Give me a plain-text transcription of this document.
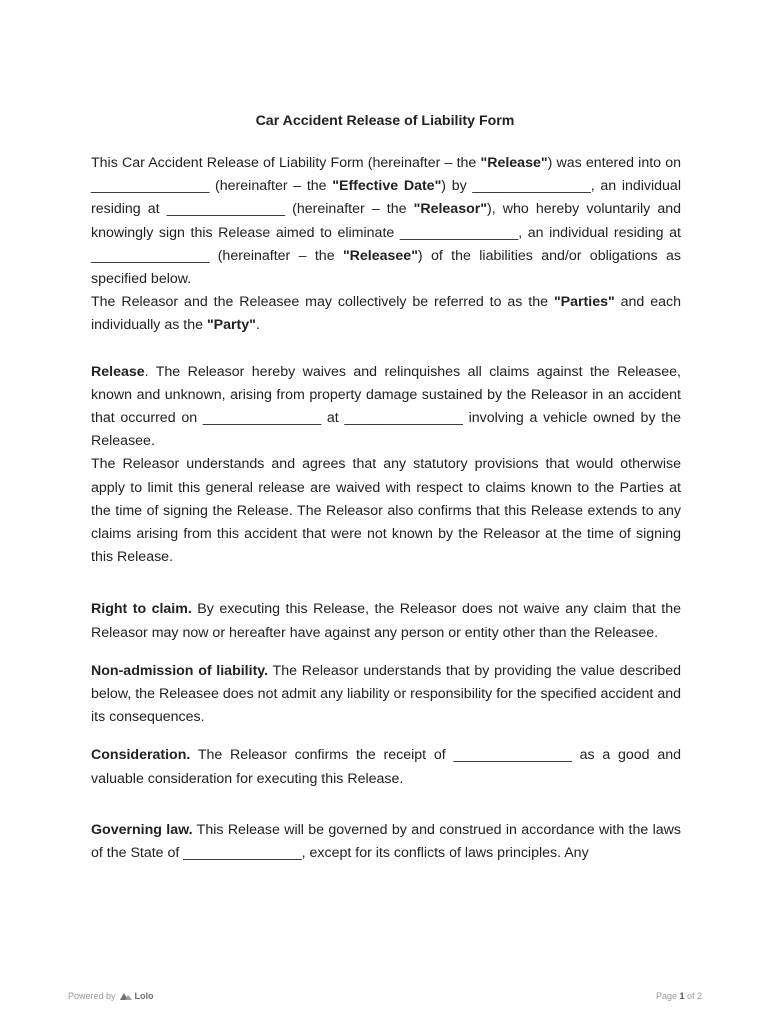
Car Accident Release of Liability Form

This Car Accident Release of Liability Form (hereinafter – the "Release") was entered into on _______________ (hereinafter – the "Effective Date") by _______________, an individual residing at _______________ (hereinafter – the "Releasor"), who hereby voluntarily and knowingly sign this Release aimed to eliminate _______________, an individual residing at _______________ (hereinafter – the "Releasee") of the liabilities and/or obligations as specified below.

The Releasor and the Releasee may collectively be referred to as the "Parties" and each individually as the "Party".

Release. The Releasor hereby waives and relinquishes all claims against the Releasee, known and unknown, arising from property damage sustained by the Releasor in an accident that occurred on _______________ at _______________ involving a vehicle owned by the Releasee.

The Releasor understands and agrees that any statutory provisions that would otherwise apply to limit this general release are waived with respect to claims known to the Parties at the time of signing the Release. The Releasor also confirms that this Release extends to any claims arising from this accident that were not known by the Releasor at the time of signing this Release.

Right to claim. By executing this Release, the Releasor does not waive any claim that the Releasor may now or hereafter have against any person or entity other than the Releasee.

Non-admission of liability. The Releasor understands that by providing the value described below, the Releasee does not admit any liability or responsibility for the specified accident and its consequences.

Consideration. The Releasor confirms the receipt of _______________ as a good and valuable consideration for executing this Release.

Governing law. This Release will be governed by and construed in accordance with the laws of the State of _______________, except for its conflicts of laws principles. Any

Powered by Lolo	Page 1 of 2
